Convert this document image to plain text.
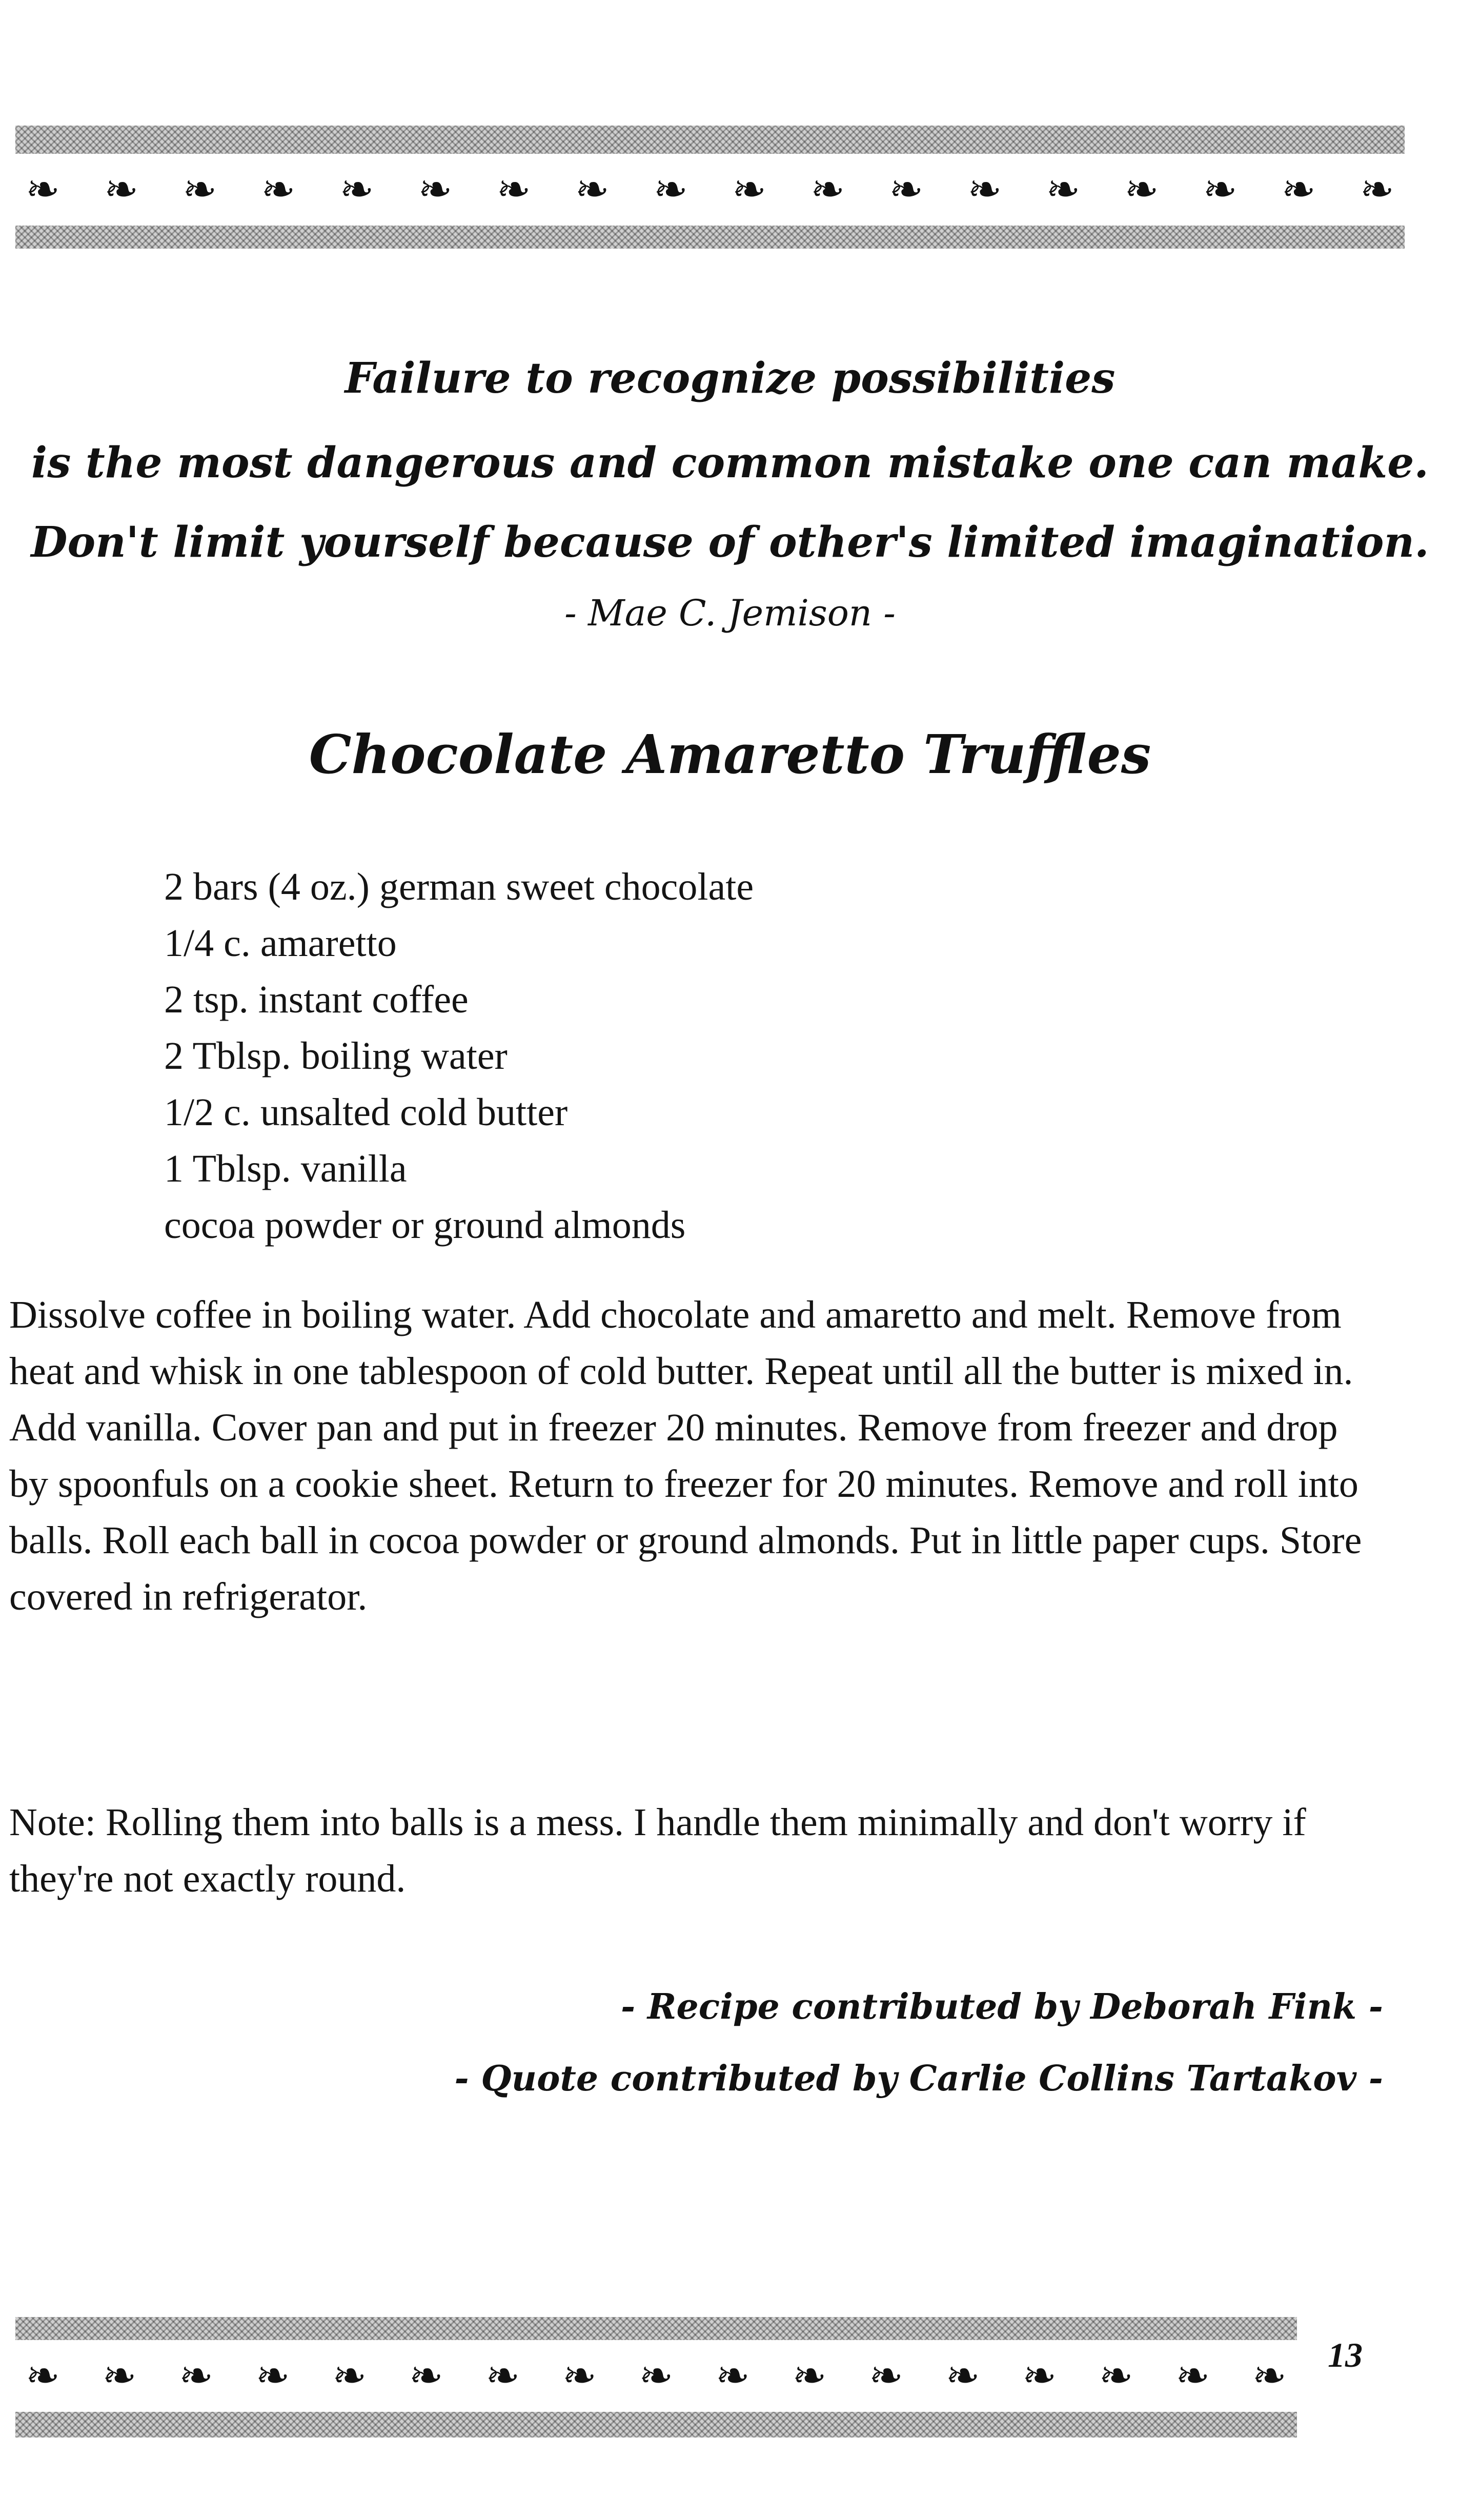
❧ ❧ ❧ ❧ ❧ ❧ ❧ ❧ ❧ ❧ ❧ ❧ ❧ ❧ ❧ ❧ ❧ ❧
Failure to recognize possibilities
is the most dangerous and common mistake one can make.
Don't limit yourself because of other's limited imagination.
- Mae C. Jemison -
Chocolate Amaretto Truffles
2 bars (4 oz.) german sweet chocolate
1/4 c. amaretto
2 tsp. instant coffee
2 Tblsp. boiling water
1/2 c. unsalted cold butter
1 Tblsp. vanilla
cocoa powder or ground almonds

Dissolve coffee in boiling water. Add chocolate and amaretto and melt. Remove from heat and whisk in one tablespoon of cold butter. Repeat until all the butter is mixed in. Add vanilla. Cover pan and put in freezer 20 minutes. Remove from freezer and drop by spoonfuls on a cookie sheet. Return to freezer for 20 minutes. Remove and roll into balls. Roll each ball in cocoa powder or ground almonds. Put in little paper cups. Store covered in refrigerator.

Note: Rolling them into balls is a mess. I handle them minimally and don't worry if they're not exactly round.

- Recipe contributed by Deborah Fink -
- Quote contributed by Carlie Collins Tartakov -
❧ ❧ ❧ ❧ ❧ ❧ ❧ ❧ ❧ ❧ ❧ ❧ ❧ ❧ ❧ ❧ ❧ 13
